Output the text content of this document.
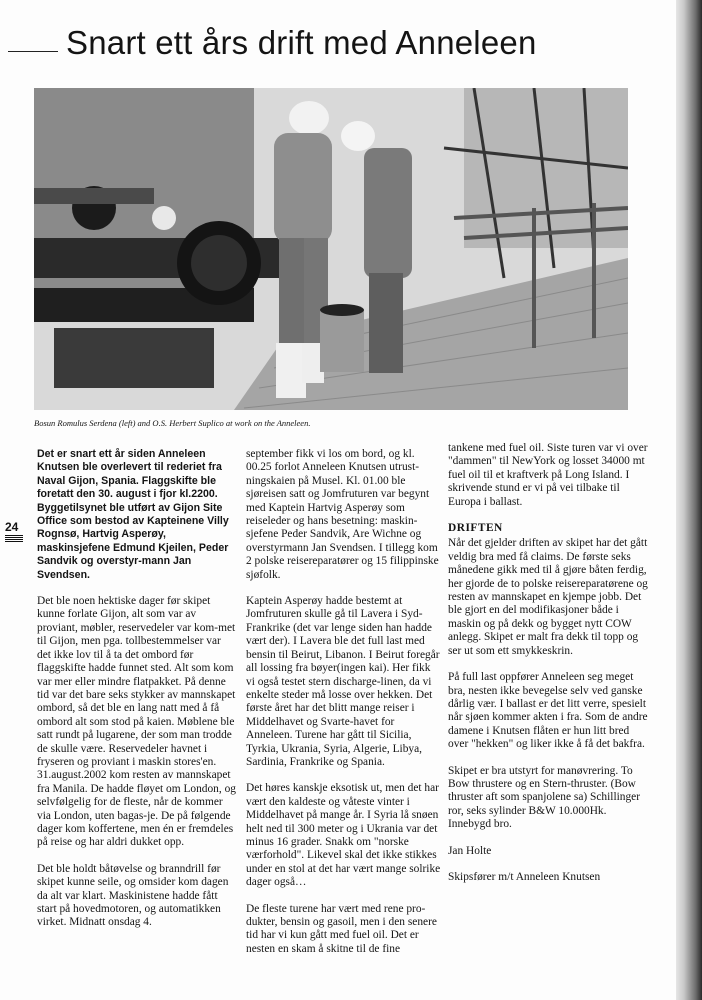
Snart ett års drift med Anneleen
Bosun Romulus Serdena (left) and O.S. Herbert Suplico at work on the Anneleen.
24

Det er snart ett år siden Anneleen Knutsen ble overlevert til rederiet fra Naval Gijon, Spania. Flaggskifte ble foretatt den 30. august i fjor kl.2200. Byggetilsynet ble utført av Gijon Site Office som bestod av Kapteinene Villy Rognsø, Hartvig Asperøy, maskinsjefene Edmund Kjeilen, Peder Sandvik og overstyr-mann Jan Svendsen.

Det ble noen hektiske dager før skipet kunne forlate Gijon, alt som var av proviant, møbler, reservedeler var kom-met til Gijon, men pga. tollbestemmelser var det ikke lov til å ta det ombord før flaggskifte hadde funnet sted. Alt som kom var mer eller mindre flatpakket. På denne tid var det bare seks stykker av mannskapet ombord, så det ble en lang natt med å få ombord alt som stod på kaien. Møblene ble satt rundt på lugarene, der som man trodde de skulle være. Reservedeler havnet i fryseren og proviant i maskin stores'en. 31.august.2002 kom resten av mannskapet fra Manila. De hadde fløyet om London, og selvfølgelig for de fleste, når de kommer via London, uten bagas-je. De på følgende dager kom koffertene, men én er fremdeles på reise og har aldri dukket opp.

Det ble holdt båtøvelse og branndrill før skipet kunne seile, og omsider kom dagen da alt var klart. Maskinistene hadde fått start på hovedmotoren, og automatikken virket. Midnatt onsdag 4.

september fikk vi los om bord, og kl. 00.25 forlot Anneleen Knutsen utrust-ningskaien på Musel. Kl. 01.00 ble sjøreisen satt og Jomfruturen var begynt med Kaptein Hartvig Asperøy som reiseleder og hans besetning: maskin-sjefene Peder Sandvik, Are Wichne og overstyrmann Jan Svendsen. I tillegg kom 2 polske reisereparatører og 15 filippinske sjøfolk.

Kaptein Asperøy hadde bestemt at Jomfruturen skulle gå til Lavera i Syd-Frankrike (det var lenge siden han hadde vært der). I Lavera ble det full last med bensin til Beirut, Libanon. I Beirut foregår all lossing fra bøyer(ingen kai). Her fikk vi også testet stern discharge-linen, da vi enkelte steder må losse over hekken. Det første året har det blitt mange reiser i Middelhavet og Svarte-havet for Anneleen. Turene har gått til Sicilia, Tyrkia, Ukrania, Syria, Algerie, Libya, Sardinia, Frankrike og Spania.

Det høres kanskje eksotisk ut, men det har vært den kaldeste og våteste vinter i Middelhavet på mange år. I Syria lå snøen helt ned til 300 meter og i Ukrania var det minus 16 grader. Snakk om "norske værforhold". Likevel skal det ikke stikkes under en stol at det har vært mange solrike dager også…

De fleste turene har vært med rene pro-dukter, bensin og gasoil, men i den senere tid har vi kun gått med fuel oil. Det er nesten en skam å skitne til de fine

tankene med fuel oil. Siste turen var vi over "dammen" til NewYork og losset 34000 mt fuel oil til et kraftverk på Long Island. I skrivende stund er vi på vei tilbake til Europa i ballast.

DRIFTEN

Når det gjelder driften av skipet har det gått veldig bra med få claims. De første seks månedene gikk med til å gjøre båten ferdig, her gjorde de to polske reisereparatørene og resten av mannskapet en kjempe jobb. Det ble gjort en del modifikasjoner både i maskin og på dekk og bygget nytt COW anlegg. Skipet er malt fra dekk til topp og ser ut som ett smykkeskrin.

På full last oppfører Anneleen seg meget bra, nesten ikke bevegelse selv ved ganske dårlig vær. I ballast er det litt verre, spesielt når sjøen kommer akten i fra. Som de andre damene i Knutsen flåten er hun litt bred over "hekken" og liker ikke å få det bakfra.

Skipet er bra utstyrt for manøvrering. To Bow thrustere og en Stern-thruster. (Bow thruster aft som spanjolene sa) Schillinger ror, seks sylinder B&W 10.000Hk. Innebygd bro.

Jan Holte

Skipsfører m/t Anneleen Knutsen
